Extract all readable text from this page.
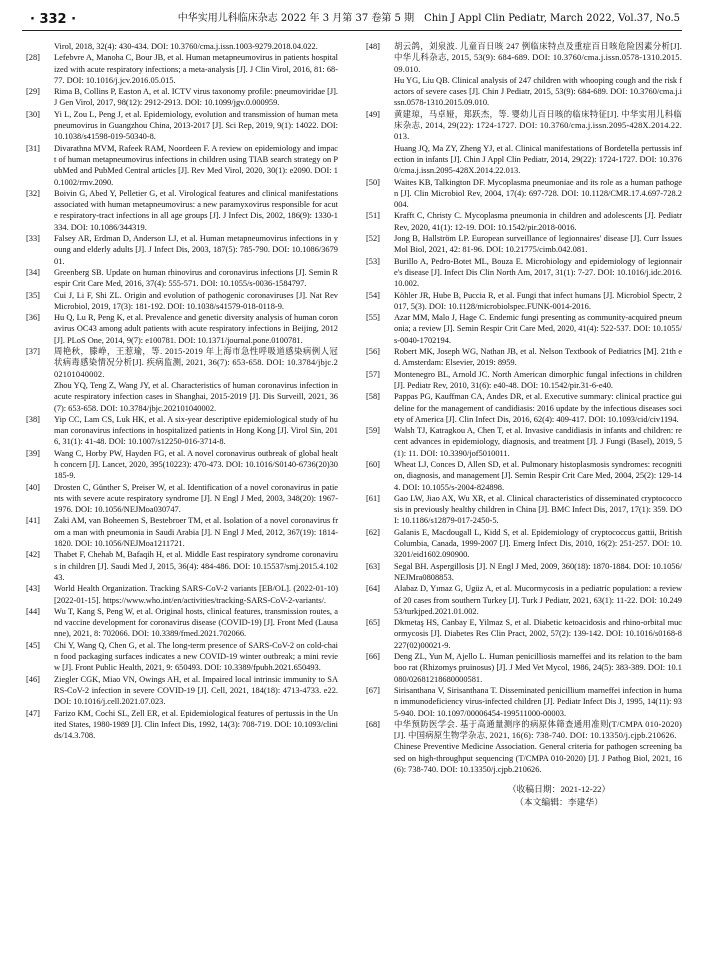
· 332 ·	中华实用儿科临床杂志 2022 年 3 月第 37 卷第 5 期　Chin J Appl Clin Pediatr, March 2022, Vol.37, No.5
Virol, 2018, 32(4): 430-434. DOI: 10.3760/cma.j.issn.1003-9279.2018.04.022.
[28]	Lefebvre A, Manoha C, Bour JB, et al. Human metapneumovirus in patients hospitalized with acute respiratory infections; a meta-analysis [J]. J Clin Virol, 2016, 81: 68-77. DOI: 10.1016/j.jcv.2016.05.015.
[29]	Rima B, Collins P, Easton A, et al. ICTV virus taxonomy profile: pneumoviridae [J]. J Gen Virol, 2017, 98(12): 2912-2913. DOI: 10.1099/jgv.0.000959.
[30]	Yi L, Zou L, Peng J, et al. Epidemiology, evolution and transmission of human metapneumovirus in Guangzhou China, 2013-2017 [J]. Sci Rep, 2019, 9(1): 14022. DOI: 10.1038/s41598-019-50340-8.
[31]	Divarathna MVM, Rafeek RAM, Noordeen F. A review on epidemiology and impact of human metapneumovirus infections in children using TIAB search strategy on PubMed and PubMed Central articles [J]. Rev Med Virol, 2020, 30(1): e2090. DOI: 10.1002/rmv.2090.
[32]	Boivin G, Abed Y, Pelletier G, et al. Virological features and clinical manifestations associated with human metapneumovirus: a new paramyxovirus responsible for acute respiratory-tract infections in all age groups [J]. J Infect Dis, 2002, 186(9): 1330-1334. DOI: 10.1086/344319.
[33]	Falsey AR, Erdman D, Anderson LJ, et al. Human metapneumovirus infections in young and elderly adults [J]. J Infect Dis, 2003, 187(5): 785-790. DOI: 10.1086/367901.
[34]	Greenberg SB. Update on human rhinovirus and coronavirus infections [J]. Semin Respir Crit Care Med, 2016, 37(4): 555-571. DOI: 10.1055/s-0036-1584797.
[35]	Cui J, Li F, Shi ZL. Origin and evolution of pathogenic coronaviruses [J]. Nat Rev Microbiol, 2019, 17(3): 181-192. DOI: 10.1038/s41579-018-0118-9.
[36]	Hu Q, Lu R, Peng K, et al. Prevalence and genetic diversity analysis of human coronavirus OC43 among adult patients with acute respiratory infections in Beijing, 2012 [J]. PLoS One, 2014, 9(7): e100781. DOI: 10.1371/journal.pone.0100781.
[37]	周艳秋，滕峥，王惹瑜，等. 2015-2019 年上海市急性呼吸道感染病例人冠状病毒感染情况分析[J]. 疾病监测, 2021, 36(7): 653-658. DOI: 10.3784/jbjc.202101040002.
Zhou YQ, Teng Z, Wang JY, et al. Characteristics of human coronavirus infection in acute respiratory infection cases in Shanghai, 2015-2019 [J]. Dis Surveill, 2021, 36(7): 653-658. DOI: 10.3784/jbjc.202101040002.
[38]	Yip CC, Lam CS, Luk HK, et al. A six-year descriptive epidemiological study of human coronavirus infections in hospitalized patients in Hong Kong [J]. Virol Sin, 2016, 31(1): 41-48. DOI: 10.1007/s12250-016-3714-8.
[39]	Wang C, Horby PW, Hayden FG, et al. A novel coronavirus outbreak of global health concern [J]. Lancet, 2020, 395(10223): 470-473. DOI: 10.1016/S0140-6736(20)30185-9.
[40]	Drosten C, Günther S, Preiser W, et al. Identification of a novel coronavirus in patients with severe acute respiratory syndrome [J]. N Engl J Med, 2003, 348(20): 1967-1976. DOI: 10.1056/NEJMoa030747.
[41]	Zaki AM, van Boheemen S, Bestebroer TM, et al. Isolation of a novel coronavirus from a man with pneumonia in Saudi Arabia [J]. N Engl J Med, 2012, 367(19): 1814-1820. DOI: 10.1056/NEJMoa1211721.
[42]	Thabet F, Chehab M, Bafaqih H, et al. Middle East respiratory syndrome coronavirus in children [J]. Saudi Med J, 2015, 36(4): 484-486. DOI: 10.15537/smj.2015.4.10243.
[43]	World Health Organization. Tracking SARS-CoV-2 variants [EB/OL]. (2022-01-10) [2022-01-15]. https://www.who.int/en/activities/tracking-SARS-CoV-2-variants/.
[44]	Wu T, Kang S, Peng W, et al. Original hosts, clinical features, transmission routes, and vaccine development for coronavirus disease (COVID-19) [J]. Front Med (Lausanne), 2021, 8: 702066. DOI: 10.3389/fmed.2021.702066.
[45]	Chi Y, Wang Q, Chen G, et al. The long-term presence of SARS-CoV-2 on cold-chain food packaging surfaces indicates a new COVID-19 winter outbreak; a mini review [J]. Front Public Health, 2021, 9: 650493. DOI: 10.3389/fpubh.2021.650493.
[46]	Ziegler CGK, Miao VN, Owings AH, et al. Impaired local intrinsic immunity to SARS-CoV-2 infection in severe COVID-19 [J]. Cell, 2021, 184(18): 4713-4733. e22. DOI: 10.1016/j.cell.2021.07.023.
[47]	Farizo KM, Cochi SL, Zell ER, et al. Epidemiological features of pertussis in the United States, 1980-1989 [J]. Clin Infect Dis, 1992, 14(3): 708-719. DOI: 10.1093/clinids/14.3.708.
[48]	胡云鸽，刘泉波. 儿童百日咳 247 例临床特点及重症百日咳危险因素分析[J]. 中华儿科杂志, 2015, 53(9): 684-689. DOI: 10.3760/cma.j.issn.0578-1310.2015.09.010.
Hu YG, Liu QB. Clinical analysis of 247 children with whooping cough and the risk factors of severe cases [J]. Chin J Pediatr, 2015, 53(9): 684-689. DOI: 10.3760/cma.j.issn.0578-1310.2015.09.010.
[49]	黄建琼，马卓娅，郑跃杰，等. 婴幼儿百日咳的临床特征[J]. 中华实用儿科临床杂志, 2014, 29(22): 1724-1727. DOI: 10.3760/cma.j.issn.2095-428X.2014.22.013.
Huang JQ, Ma ZY, Zheng YJ, et al. Clinical manifestations of Bordetella pertussis infection in infants [J]. Chin J Appl Clin Pediatr, 2014, 29(22): 1724-1727. DOI: 10.3760/cma.j.issn.2095-428X.2014.22.013.
[50]	Waites KB, Talkington DF. Mycoplasma pneumoniae and its role as a human pathogen [J]. Clin Microbiol Rev, 2004, 17(4): 697-728. DOI: 10.1128/CMR.17.4.697-728.2004.
[51]	Krafft C, Christy C. Mycoplasma pneumonia in children and adolescents [J]. Pediatr Rev, 2020, 41(1): 12-19. DOI: 10.1542/pir.2018-0016.
[52]	Jong B, Hallström LP. European surveillance of legionnaires' disease [J]. Curr Issues Mol Biol, 2021, 42: 81-96. DOI: 10.21775/cimb.042.081.
[53]	Burillo A, Pedro-Botet ML, Bouza E. Microbiology and epidemiology of legionnaire's disease [J]. Infect Dis Clin North Am, 2017, 31(1): 7-27. DOI: 10.1016/j.idc.2016.10.002.
[54]	Köhler JR, Hube B, Puccia R, et al. Fungi that infect humans [J]. Microbiol Spectr, 2017, 5(3). DOI: 10.1128/microbiolspec.FUNK-0014-2016.
[55]	Azar MM, Malo J, Hage C. Endemic fungi presenting as community-acquired pneumonia; a review [J]. Semin Respir Crit Care Med, 2020, 41(4): 522-537. DOI: 10.1055/s-0040-1702194.
[56]	Robert MK, Joseph WG, Nathan JB, et al. Nelson Textbook of Pediatrics [M]. 21th ed. Amsterdam: Elsevier, 2019: 8959.
[57]	Montenegro BL, Arnold JC. North American dimorphic fungal infections in children [J]. Pediatr Rev, 2010, 31(6): e40-48. DOI: 10.1542/pir.31-6-e40.
[58]	Pappas PG, Kauffman CA, Andes DR, et al. Executive summary: clinical practice guideline for the management of candidiasis: 2016 update by the infectious diseases society of America [J]. Clin Infect Dis, 2016, 62(4): 409-417. DOI: 10.1093/cid/civ1194.
[59]	Walsh TJ, Katragkou A, Chen T, et al. Invasive candidiasis in infants and children: recent advances in epidemiology, diagnosis, and treatment [J]. J Fungi (Basel), 2019, 5(1): 11. DOI: 10.3390/jof5010011.
[60]	Wheat LJ, Conces D, Allen SD, et al. Pulmonary histoplasmosis syndromes: recognition, diagnosis, and management [J]. Semin Respir Crit Care Med, 2004, 25(2): 129-144. DOI: 10.1055/s-2004-824898.
[61]	Gao LW, Jiao AX, Wu XR, et al. Clinical characteristics of disseminated cryptococcosis in previously healthy children in China [J]. BMC Infect Dis, 2017, 17(1): 359. DOI: 10.1186/s12879-017-2450-5.
[62]	Galanis E, Macdougall L, Kidd S, et al. Epidemiology of cryptococcus gattii, British Columbia, Canada, 1999-2007 [J]. Emerg Infect Dis, 2010, 16(2): 251-257. DOI: 10.3201/eid1602.090900.
[63]	Segal BH. Aspergillosis [J]. N Engl J Med, 2009, 360(18): 1870-1884. DOI: 10.1056/NEJMra0808853.
[64]	Alabaz D, Yımaz G, Ugüz A, et al. Mucormycosis in a pediatric population: a review of 20 cases from southern Turkey [J]. Turk J Pediatr, 2021, 63(1): 11-22. DOI: 10.24953/turkjped.2021.01.002.
[65]	Dkmetaş HS, Canbay E, Yilmaz S, et al. Diabetic ketoacidosis and rhino-orbital mucormycosis [J]. Diabetes Res Clin Pract, 2002, 57(2): 139-142. DOI: 10.1016/s0168-8227(02)00021-9.
[66]	Deng ZL, Yun M, Ajello L. Human penicilliosis marneffei and its relation to the bamboo rat (Rhizomys pruinosus) [J]. J Med Vet Mycol, 1986, 24(5): 383-389. DOI: 10.1080/02681218680000581.
[67]	Sirisanthana V, Sirisanthana T. Disseminated penicillium marneffei infection in human immunodeficiency virus-infected children [J]. Pediatr Infect Dis J, 1995, 14(11): 935-940. DOI: 10.1097/00006454-199511000-00003.
[68]	中华预防医学会. 基于高通量测序的病原体筛查通用准则(T/CMPA 010-2020)[J]. 中国病原生物学杂志, 2021, 16(6): 738-740. DOI: 10.13350/j.cjpb.210626.
Chinese Preventive Medicine Association. General criteria for pathogen screening based on high-throughput sequencing (T/CMPA 010-2020) [J]. J Pathog Biol, 2021, 16(6): 738-740. DOI: 10.13350/j.cjpb.210626.
（收稿日期：2021-12-22）
（本文编辑：李建华）
